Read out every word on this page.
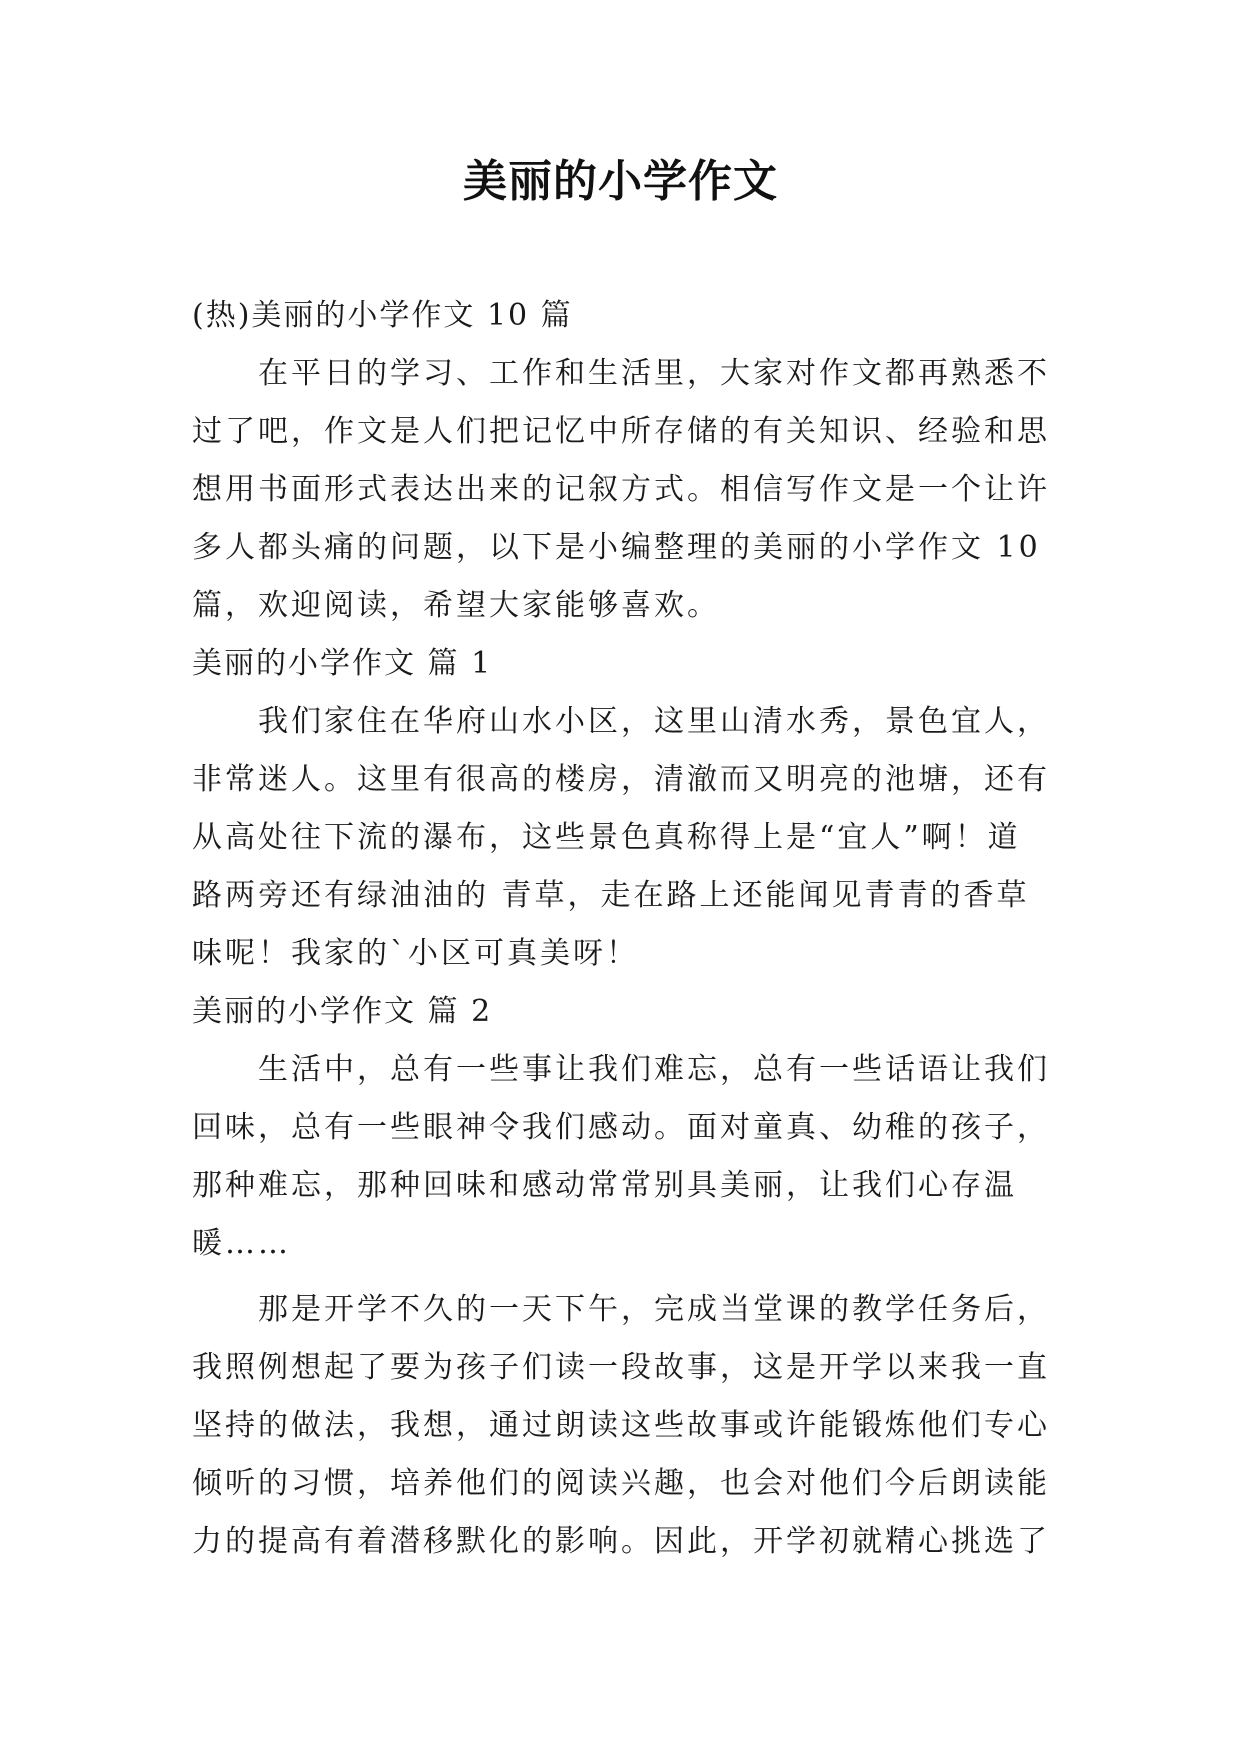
美丽的小学作文

(热)美丽的小学作文 10 篇

　　在平日的学习、工作和生活里，大家对作文都再熟悉不

过了吧，作文是人们把记忆中所存储的有关知识、经验和思

想用书面形式表达出来的记叙方式。相信写作文是一个让许

多人都头痛的问题，以下是小编整理的美丽的小学作文 10

篇，欢迎阅读，希望大家能够喜欢。

美丽的小学作文 篇 1

　　我们家住在华府山水小区，这里山清水秀，景色宜人，

非常迷人。这里有很高的楼房，清澈而又明亮的池塘，还有

从高处往下流的瀑布，这些景色真称得上是“宜人”啊！道

路两旁还有绿油油的 青草，走在路上还能闻见青青的香草

味呢！我家的`小区可真美呀！

美丽的小学作文 篇 2

　　生活中，总有一些事让我们难忘，总有一些话语让我们

回味，总有一些眼神令我们感动。面对童真、幼稚的孩子，

那种难忘，那种回味和感动常常别具美丽，让我们心存温

暖……

　　那是开学不久的一天下午，完成当堂课的教学任务后，

我照例想起了要为孩子们读一段故事，这是开学以来我一直

坚持的做法，我想，通过朗读这些故事或许能锻炼他们专心

倾听的习惯，培养他们的阅读兴趣，也会对他们今后朗读能

力的提高有着潜移默化的影响。因此，开学初就精心挑选了
